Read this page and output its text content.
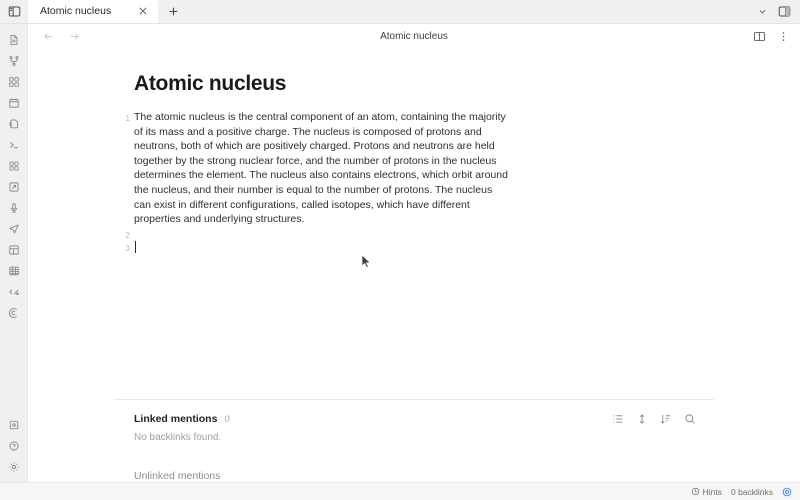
Atomic nucleus
Atomic nucleus
Atomic nucleus
1 The atomic nucleus is the central component of an atom, containing the majority of its mass and a positive charge. The nucleus is composed of protons and neutrons, both of which are positively charged. Protons and neutrons are held together by the strong nuclear force, and the number of protons in the nucleus determines the element. The nucleus also contains electrons, which orbit around the nucleus, and their number is equal to the number of protons. The nucleus can exist in different configurations, called isotopes, which have different properties and underlying structures.
2
3
Linked mentions 0
No backlinks found.
Unlinked mentions
Hints 0 backlinks
